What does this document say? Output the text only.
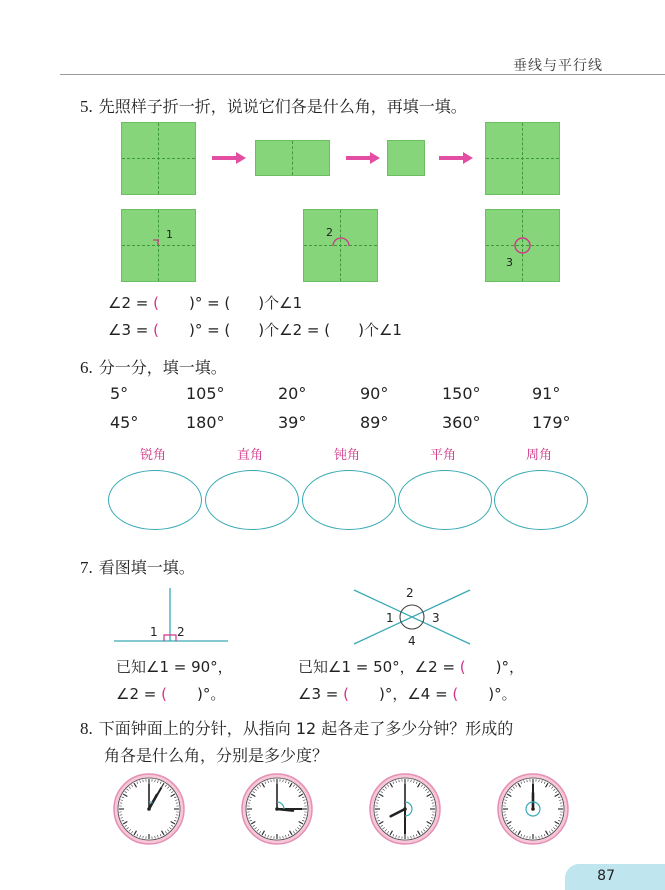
垂线与平行线
5. 先照样子折一折，说说它们各是什么角，再填一填。
1	2
3
∠2 = ( )° = ( )个∠1
∠3 = ( )° = ( )个∠2 = ( )个∠1
6. 分一分，填一填。
5°	105°	20°	90°	150°	91°
45°	180°	39°	89°	360°	179°
锐角	直角	钝角	平角	周角
7. 看图填一填。
1 2
2
1	3
4
已知∠1 = 90°，
∠2 = ( )°。
已知∠1 = 50°，∠2 = ( )°，
∠3 = ( )°，∠4 = ( )°。
8. 下面钟面上的分针，从指向 12 起各走了多少分钟？形成的
角各是什么角，分别是多少度？
87
